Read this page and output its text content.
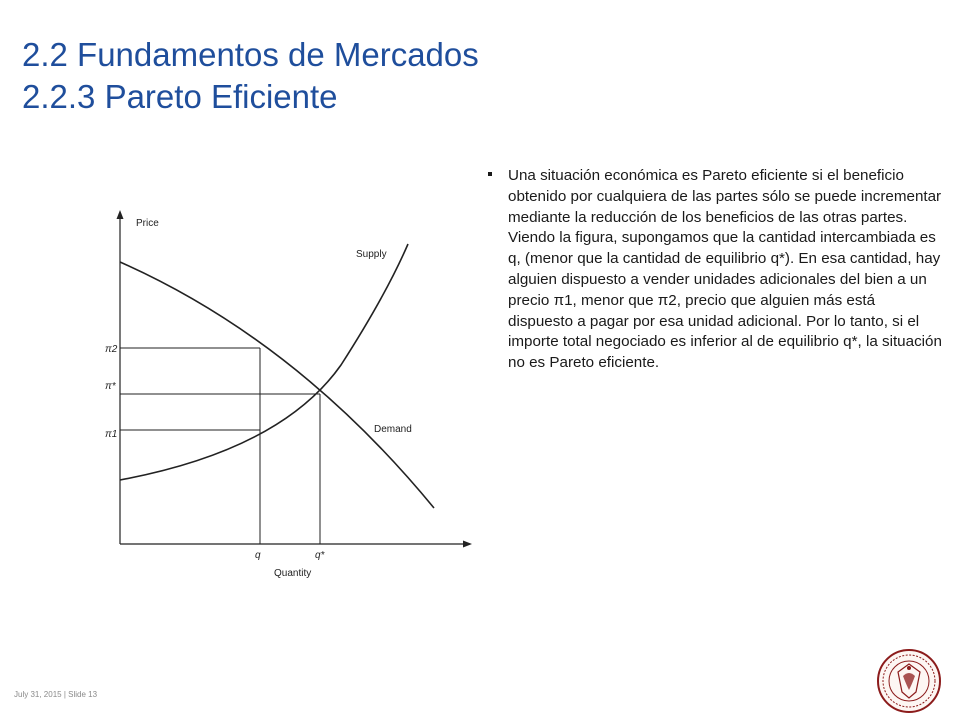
2.2 Fundamentos de Mercados
2.2.3 Pareto Eficiente
Price
Quantity
Supply
Demand
π2
π*
π1
q	q*
Una situación económica es Pareto eficiente si el beneficio obtenido por cualquiera de las partes sólo se puede incrementar mediante la reducción de los beneficios de las otras partes. Viendo la figura, supongamos que la cantidad intercambiada es q, (menor que la cantidad de equilibrio q*). En esa cantidad, hay alguien dispuesto a vender unidades adicionales del bien a un precio π1, menor que π2, precio que alguien más está dispuesto a pagar por esa unidad adicional. Por lo tanto, si el importe total negociado es inferior al de equilibrio q*, la situación no es Pareto eficiente.
July 31, 2015 | Slide 13
